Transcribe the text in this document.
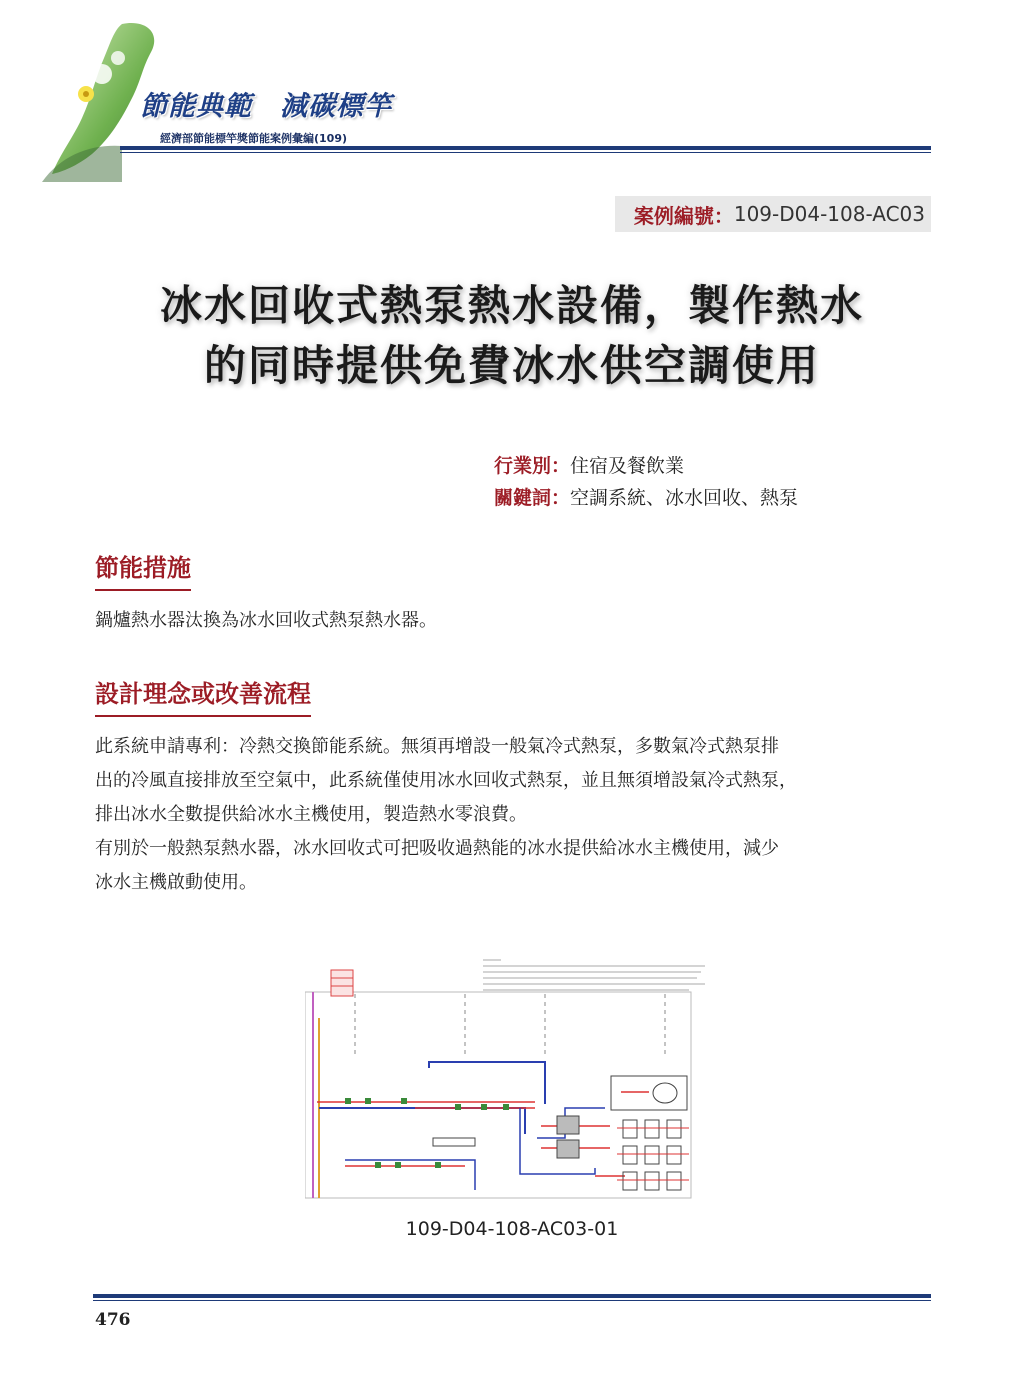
節能典範　減碳標竿
經濟部節能標竿獎節能案例彙編(109)
案例編號： 109-D04-108-AC03
冰水回收式熱泵熱水設備，製作熱水
的同時提供免費冰水供空調使用
行業別：住宿及餐飲業
關鍵詞：空調系統、冰水回收、熱泵
節能措施
鍋爐熱水器汰換為冰水回收式熱泵熱水器。
設計理念或改善流程

此系統申請專利：冷熱交換節能系統。無須再增設一般氣冷式熱泵，多數氣冷式熱泵排

出的冷風直接排放至空氣中，此系統僅使用冰水回收式熱泵，並且無須增設氣冷式熱泵，

排出冰水全數提供給冰水主機使用，製造熱水零浪費。

有別於一般熱泵熱水器，冰水回收式可把吸收過熱能的冰水提供給冰水主機使用，減少

冰水主機啟動使用。

109-D04-108-AC03-01
476
